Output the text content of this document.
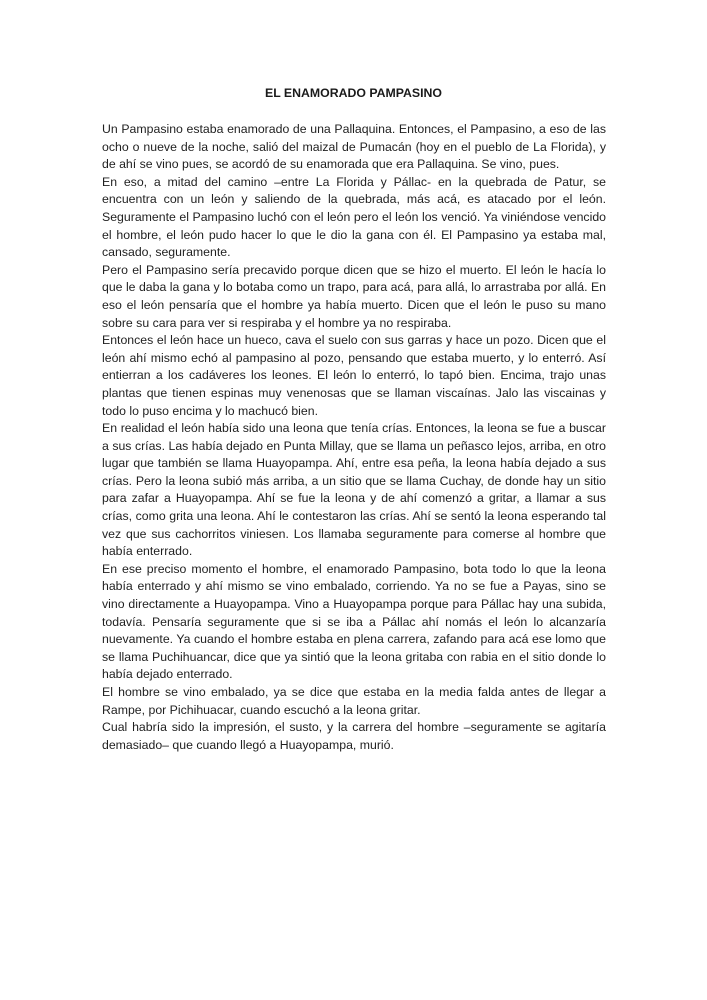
EL ENAMORADO PAMPASINO

Un Pampasino estaba enamorado de una Pallaquina. Entonces, el Pampasino, a eso de las ocho o nueve de la noche, salió del maizal de Pumacán (hoy en el pueblo de La Florida), y de ahí se vino pues, se acordó de su enamorada que era Pallaquina. Se vino, pues.

En eso, a mitad del camino –entre La Florida y Pállac- en la quebrada de Patur, se encuentra con un león y saliendo de la quebrada, más acá, es atacado por el león. Seguramente el Pampasino luchó con el león pero el león los venció. Ya viniéndose vencido el hombre, el león pudo hacer lo que le dio la gana con él. El Pampasino ya estaba mal, cansado, seguramente.

Pero el Pampasino sería precavido porque dicen que se hizo el muerto. El león le hacía lo que le daba la gana y lo botaba como un trapo, para acá, para allá, lo arrastraba por allá. En eso el león pensaría que el hombre ya había muerto. Dicen que el león le puso su mano sobre su cara para ver si respiraba y el hombre ya no respiraba.

Entonces el león hace un hueco, cava el suelo con sus garras y hace un pozo. Dicen que el león ahí mismo echó al pampasino al pozo, pensando que estaba muerto, y lo enterró. Así entierran a los cadáveres los leones. El león lo enterró, lo tapó bien. Encima, trajo unas plantas que tienen espinas muy venenosas que se llaman viscaínas. Jalo las viscainas y todo lo puso encima y lo machucó bien.

En realidad el león había sido una leona que tenía crías. Entonces, la leona se fue a buscar a sus crías. Las había dejado en Punta Millay, que se llama un peñasco lejos, arriba, en otro lugar que también se llama Huayopampa. Ahí, entre esa peña, la leona había dejado a sus crías. Pero la leona subió más arriba, a un sitio que se llama Cuchay, de donde hay un sitio para zafar a Huayopampa. Ahí se fue la leona y de ahí comenzó a gritar, a llamar a sus crías, como grita una leona. Ahí le contestaron las crías. Ahí se sentó la leona esperando tal vez que sus cachorritos viniesen. Los llamaba seguramente para comerse al hombre que había enterrado.

En ese preciso momento el hombre, el enamorado Pampasino, bota todo lo que la leona había enterrado y ahí mismo se vino embalado, corriendo. Ya no se fue a Payas, sino se vino directamente a Huayopampa. Vino a Huayopampa porque para Pállac hay una subida, todavía. Pensaría seguramente que si se iba a Pállac ahí nomás el león lo alcanzaría nuevamente. Ya cuando el hombre estaba en plena carrera, zafando para acá ese lomo que se llama Puchihuancar, dice que ya sintió que la leona gritaba con rabia en el sitio donde lo había dejado enterrado.

El hombre se vino embalado, ya se dice que estaba en la media falda antes de llegar a Rampe, por Pichihuacar, cuando escuchó a la leona gritar.

Cual habría sido la impresión, el susto, y la carrera del hombre –seguramente se agitaría demasiado– que cuando llegó a Huayopampa, murió.
